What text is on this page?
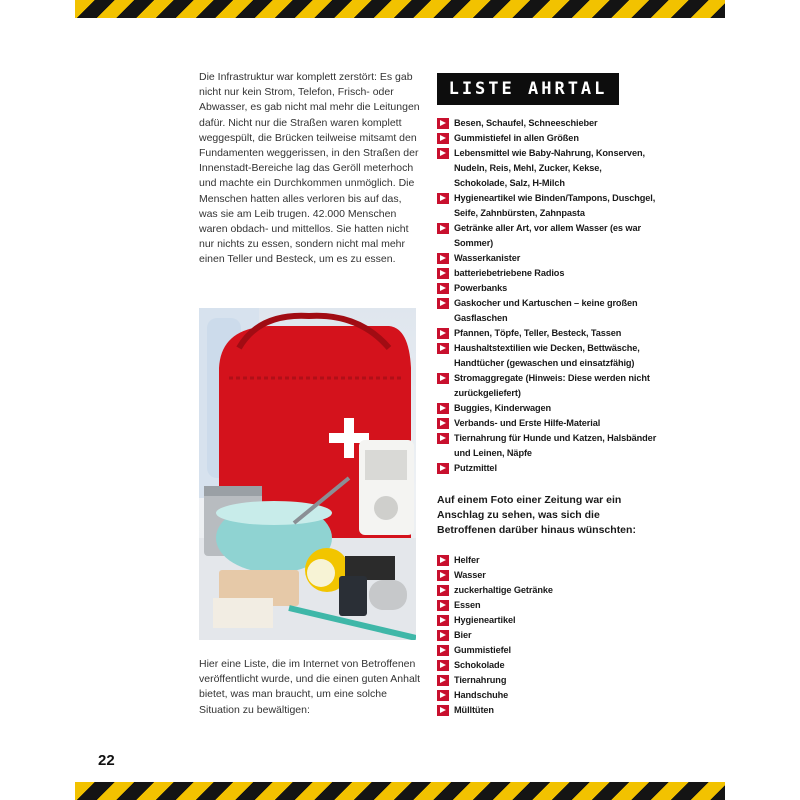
Die Infrastruktur war komplett zerstört: Es gab nicht nur kein Strom, Telefon, Frisch- oder Abwasser, es gab nicht mal mehr die Leitungen dafür. Nicht nur die Straßen waren komplett weggespült, die Brücken teilweise mitsamt den Fundamenten weggerissen, in den Straßen der Innenstadt-Bereiche lag das Geröll meterhoch und machte ein Durchkommen unmöglich. Die Menschen hatten alles verloren bis auf das, was sie am Leib trugen. 42.000 Menschen waren obdach- und mittellos. Sie hatten nicht nur nichts zu essen, sondern nicht mal mehr einen Teller und Besteck, um es zu essen.

Hier eine Liste, die im Internet von Betroffenen veröffentlicht wurde, und die einen guten Anhalt bietet, was man braucht, um eine solche Situation zu bewältigen:

LISTE AHRTAL
Besen, Schaufel, Schneeschieber
Gummistiefel in allen Größen
Lebensmittel wie Baby-Nahrung, Konserven, Nudeln, Reis, Mehl, Zucker, Kekse, Schokolade, Salz, H-Milch
Hygieneartikel wie Binden/Tampons, Duschgel, Seife, Zahnbürsten, Zahnpasta
Getränke aller Art, vor allem Wasser (es war Sommer)
Wasserkanister
batteriebetriebene Radios
Powerbanks
Gaskocher und Kartuschen – keine großen Gasflaschen
Pfannen, Töpfe, Teller, Besteck, Tassen
Haushaltstextilien wie Decken, Bettwäsche, Handtücher (gewaschen und einsatzfähig)
Stromaggregate (Hinweis: Diese werden nicht zurückgeliefert)
Buggies, Kinderwagen
Verbands- und Erste Hilfe-Material
Tiernahrung für Hunde und Katzen, Halsbänder und Leinen, Näpfe
Putzmittel

Auf einem Foto einer Zeitung war ein Anschlag zu sehen, was sich die Betroffenen darüber hinaus wünschten:

Helfer
Wasser
zuckerhaltige Getränke
Essen
Hygieneartikel
Bier
Gummistiefel
Schokolade
Tiernahrung
Handschuhe
Mülltüten
22
